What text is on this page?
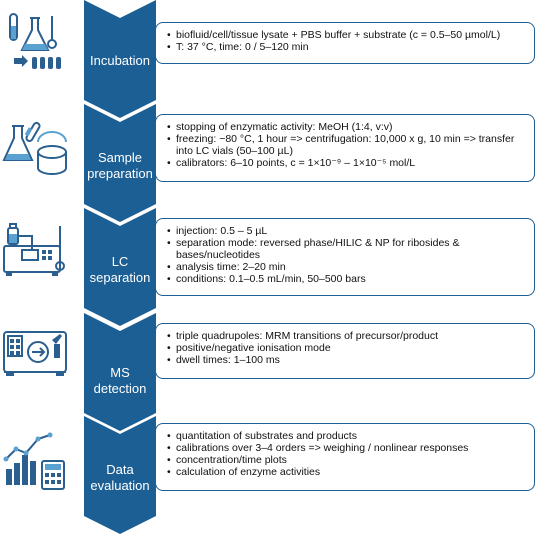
Incubation
• biofluid/cell/tissue lysate + PBS buffer + substrate (c = 0.5–50 µmol/L)
• T: 37 °C, time: 0 / 5–120 min
Sample
preparation
• stopping of enzymatic activity: MeOH (1:4, v:v)
• freezing: −80 °C, 1 hour => centrifugation: 10,000 x g, 10 min => transfer into LC vials (50–100 µL)
• calibrators: 6–10 points, c = 1×10⁻⁹ – 1×10⁻⁵ mol/L
LC
separation
• injection: 0.5 – 5 µL
• separation mode: reversed phase/HILIC & NP for ribosides & bases/nucleotides
• analysis time: 2–20 min
• conditions: 0.1–0.5 mL/min, 50–500 bars
MS detection
• triple quadrupoles: MRM transitions of precursor/product
• positive/negative ionisation mode
• dwell times: 1–100 ms
Data
evaluation
• quantitation of substrates and products
• calibrations over 3–4 orders => weighing / nonlinear responses
• concentration/time plots
• calculation of enzyme activities
